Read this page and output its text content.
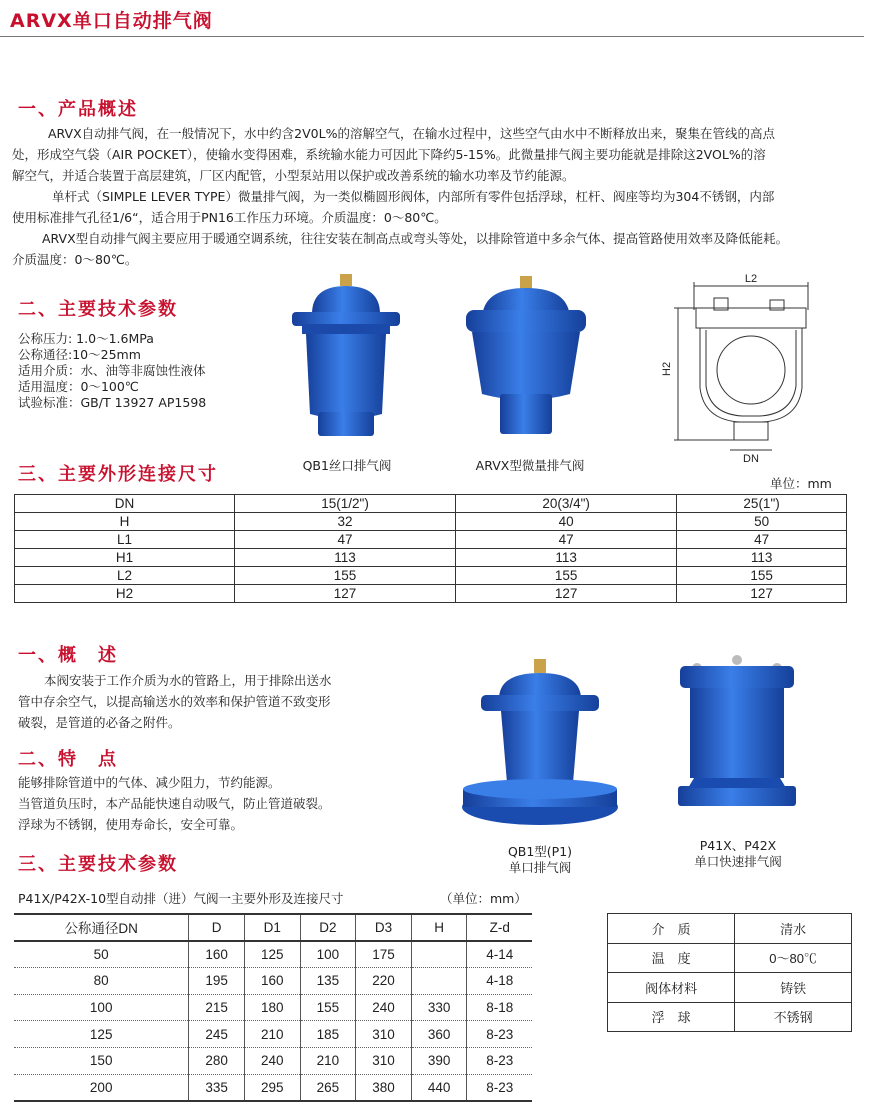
ARVX单口自动排气阀
一、产品概述
ARVX自动排气阀，在一般情况下，水中约含2V0L%的溶解空气，在输水过程中，这些空气由水中不断释放出来，聚集在管线的高点
处，形成空气袋（AIR POCKET），使输水变得困难，系统输水能力可因此下降约5-15%。此微量排气阀主要功能就是排除这2VOL%的溶
解空气，并适合装置于高层建筑，厂区内配管，小型泵站用以保护或改善系统的输水功率及节约能源。
单杆式（SIMPLE LEVER TYPE）微量排气阀，为一类似椭圆形阀体，内部所有零件包括浮球，杠杆、阀座等均为304不锈钢，内部
使用标准排气孔径1/6“，适合用于PN16工作压力环境。介质温度：0～80℃。
ARVX型自动排气阀主要应用于暖通空调系统，往往安装在制高点或弯头等处，以排除管道中多余气体、提高管路使用效率及降低能耗。
介质温度：0～80℃。
二、主要技术参数
公称压力: 1.0～1.6MPa
公称通径:10～25mm
适用介质：水、油等非腐蚀性液体
适用温度：0～100℃
试验标准：GB/T 13927 AP1598
QB1丝口排气阀	ARVX型微量排气阀
L2
H2
DN
三、主要外形连接尺寸	单位：mm
DN	15(1/2")	20(3/4")	25(1")
H	32	40	50
L1	47	47	47
H1	113	113	113
L2	155	155	155
H2	127	127	127
一、概　述
本阀安装于工作介质为水的管路上，用于排除出送水
管中存余空气，以提高输送水的效率和保护管道不致变形
破裂，是管道的必备之附件。
二、特　点
能够排除管道中的气体、减少阻力，节约能源。
当管道负压时，本产品能快速自动吸气，防止管道破裂。
浮球为不锈钢，使用寿命长，安全可靠。
QB1型(P1)
单口排气阀
P41X、P42X
单口快速排气阀
三、主要技术参数
P41X/P42X-10型自动排（进）气阀一主要外形及连接尺寸	（单位：mm）
公称通径DN	D	D1	D2	D3	H	Z-d
50	160	125	100	175		4-14
80	195	160	135	220		4-18
100	215	180	155	240	330	8-18
125	245	210	185	310	360	8-23
150	280	240	210	310	390	8-23
200	335	295	265	380	440	8-23
介　质	清水
温　度	0～80℃
阀体材料	铸铁
浮　球	不锈钢
